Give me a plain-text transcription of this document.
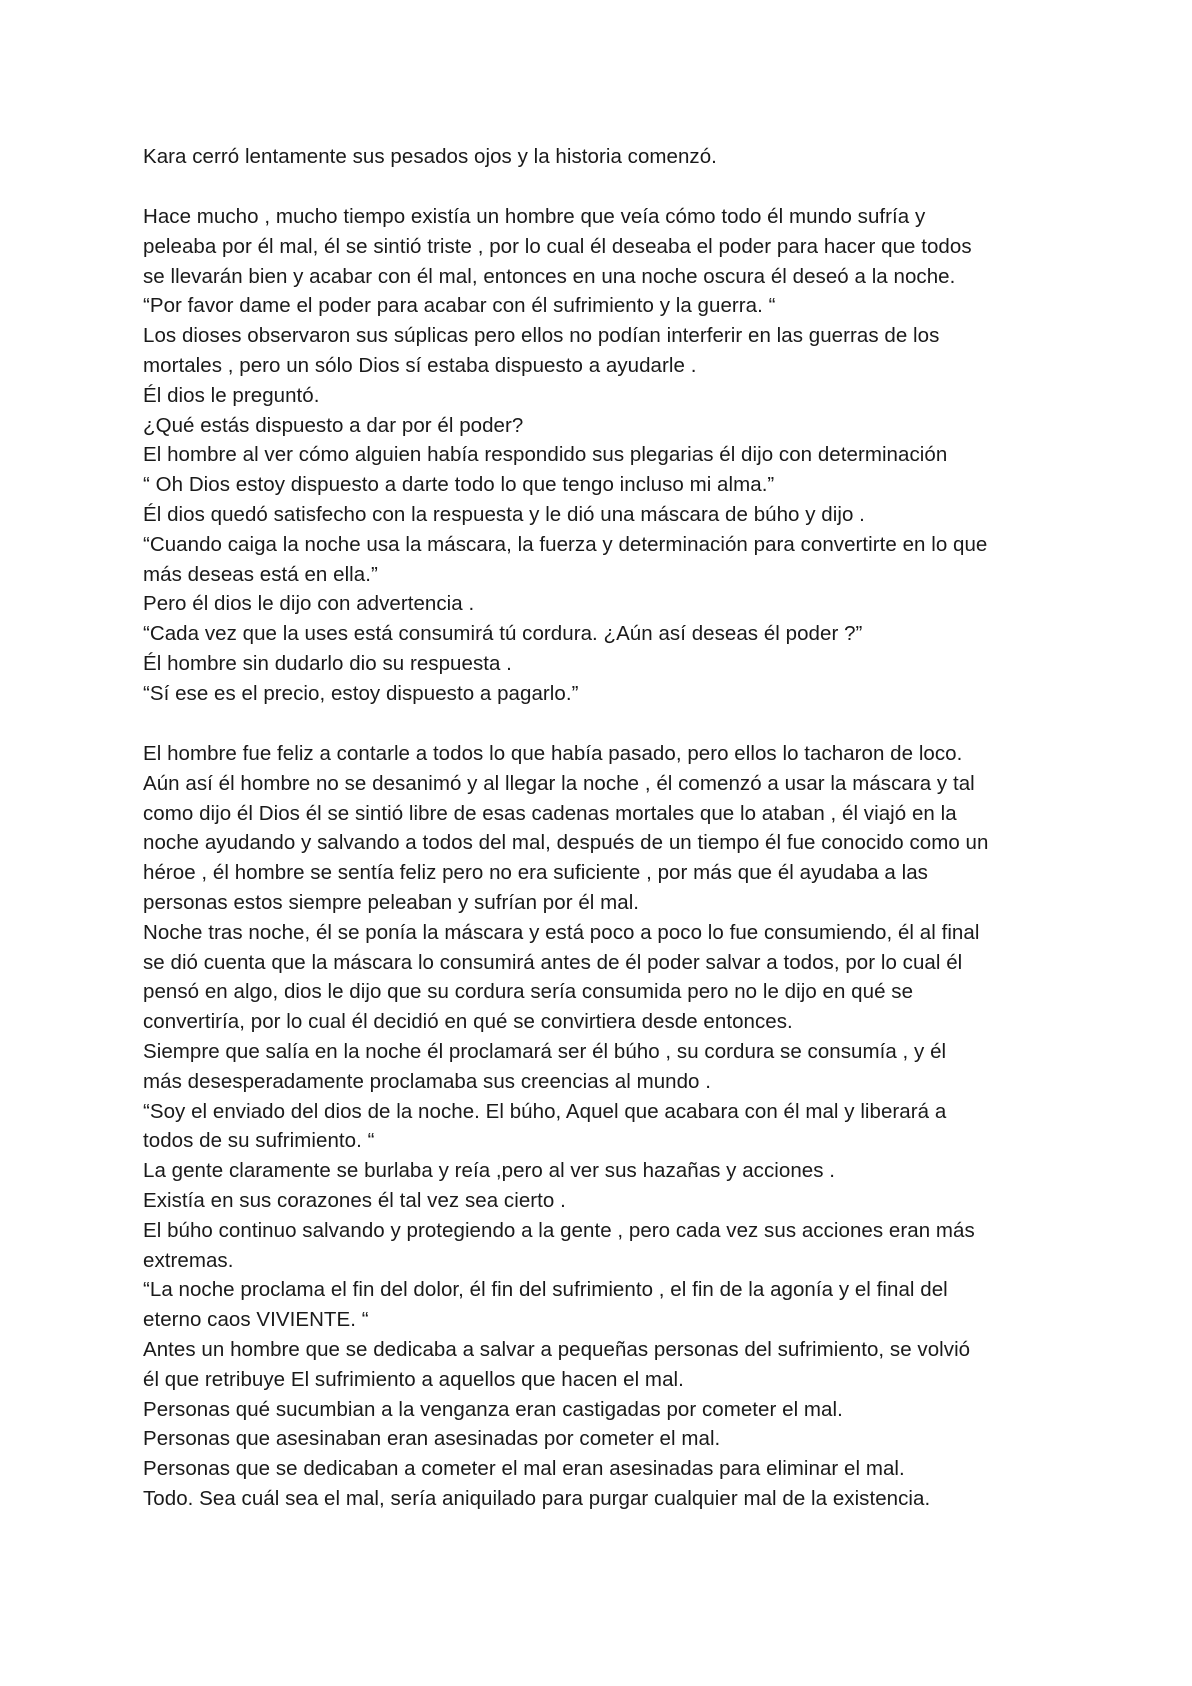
Kara cerró lentamente sus pesados ojos y la historia comenzó.
Hace mucho , mucho tiempo existía un hombre que veía cómo todo él mundo sufría y
peleaba por él mal, él se sintió triste , por lo cual él deseaba el poder para hacer que todos
se llevarán bien y acabar con él mal, entonces en una noche oscura él deseó a la noche.
“Por favor dame el poder para acabar con él sufrimiento y la guerra. “
Los dioses observaron sus súplicas pero ellos no podían interferir en las guerras de los
mortales , pero un sólo Dios sí estaba dispuesto a ayudarle .
Él dios le preguntó.
¿Qué estás dispuesto a dar por él poder?
El hombre al ver cómo alguien había respondido sus plegarias él dijo con determinación
“ Oh Dios estoy dispuesto a darte todo lo que tengo incluso mi alma.”
Él dios quedó satisfecho con la respuesta y le dió una máscara de búho y dijo .
“Cuando caiga la noche usa la máscara, la fuerza y determinación para convertirte en lo que
más deseas está en ella.”
Pero él dios le dijo con advertencia .
“Cada vez que la uses está consumirá tú cordura. ¿Aún así deseas él poder ?”
Él hombre sin dudarlo dio su respuesta .
“Sí ese es el precio, estoy dispuesto a pagarlo.”
El hombre fue feliz a contarle a todos lo que había pasado, pero ellos lo tacharon de loco.
Aún así él hombre no se desanimó y al llegar la noche , él comenzó a usar la máscara y tal
como dijo él Dios él se sintió libre de esas cadenas mortales que lo ataban , él viajó en la
noche ayudando y salvando a todos del mal, después de un tiempo él fue conocido como un
héroe , él hombre se sentía feliz pero no era suficiente , por más que él ayudaba a las
personas estos siempre peleaban y sufrían por él mal.
Noche tras noche, él se ponía la máscara y está poco a poco lo fue consumiendo, él al final
se dió cuenta que la máscara lo consumirá antes de él poder salvar a todos, por lo cual él
pensó en algo, dios le dijo que su cordura sería consumida pero no le dijo en qué se
convertiría, por lo cual él decidió en qué se convirtiera desde entonces.
Siempre que salía en la noche él proclamará ser él búho , su cordura se consumía , y él
más desesperadamente proclamaba sus creencias al mundo .
“Soy el enviado del dios de la noche. El búho, Aquel que acabara con él mal y liberará a
todos de su sufrimiento. “
La gente claramente se burlaba y reía ,pero al ver sus hazañas y acciones .
Existía en sus corazones él tal vez sea cierto .
El búho continuo salvando y protegiendo a la gente , pero cada vez sus acciones eran más
extremas.
“La noche proclama el fin del dolor, él fin del sufrimiento , el fin de la agonía y el final del
eterno caos VIVIENTE. “
Antes un hombre que se dedicaba a salvar a pequeñas personas del sufrimiento, se volvió
él que retribuye El sufrimiento a aquellos que hacen el mal.
Personas qué sucumbian a la venganza eran castigadas por cometer el mal.
Personas que asesinaban eran asesinadas por cometer el mal.
Personas que se dedicaban a cometer el mal eran asesinadas para eliminar el mal.
Todo. Sea cuál sea el mal, sería aniquilado para purgar cualquier mal de la existencia.
